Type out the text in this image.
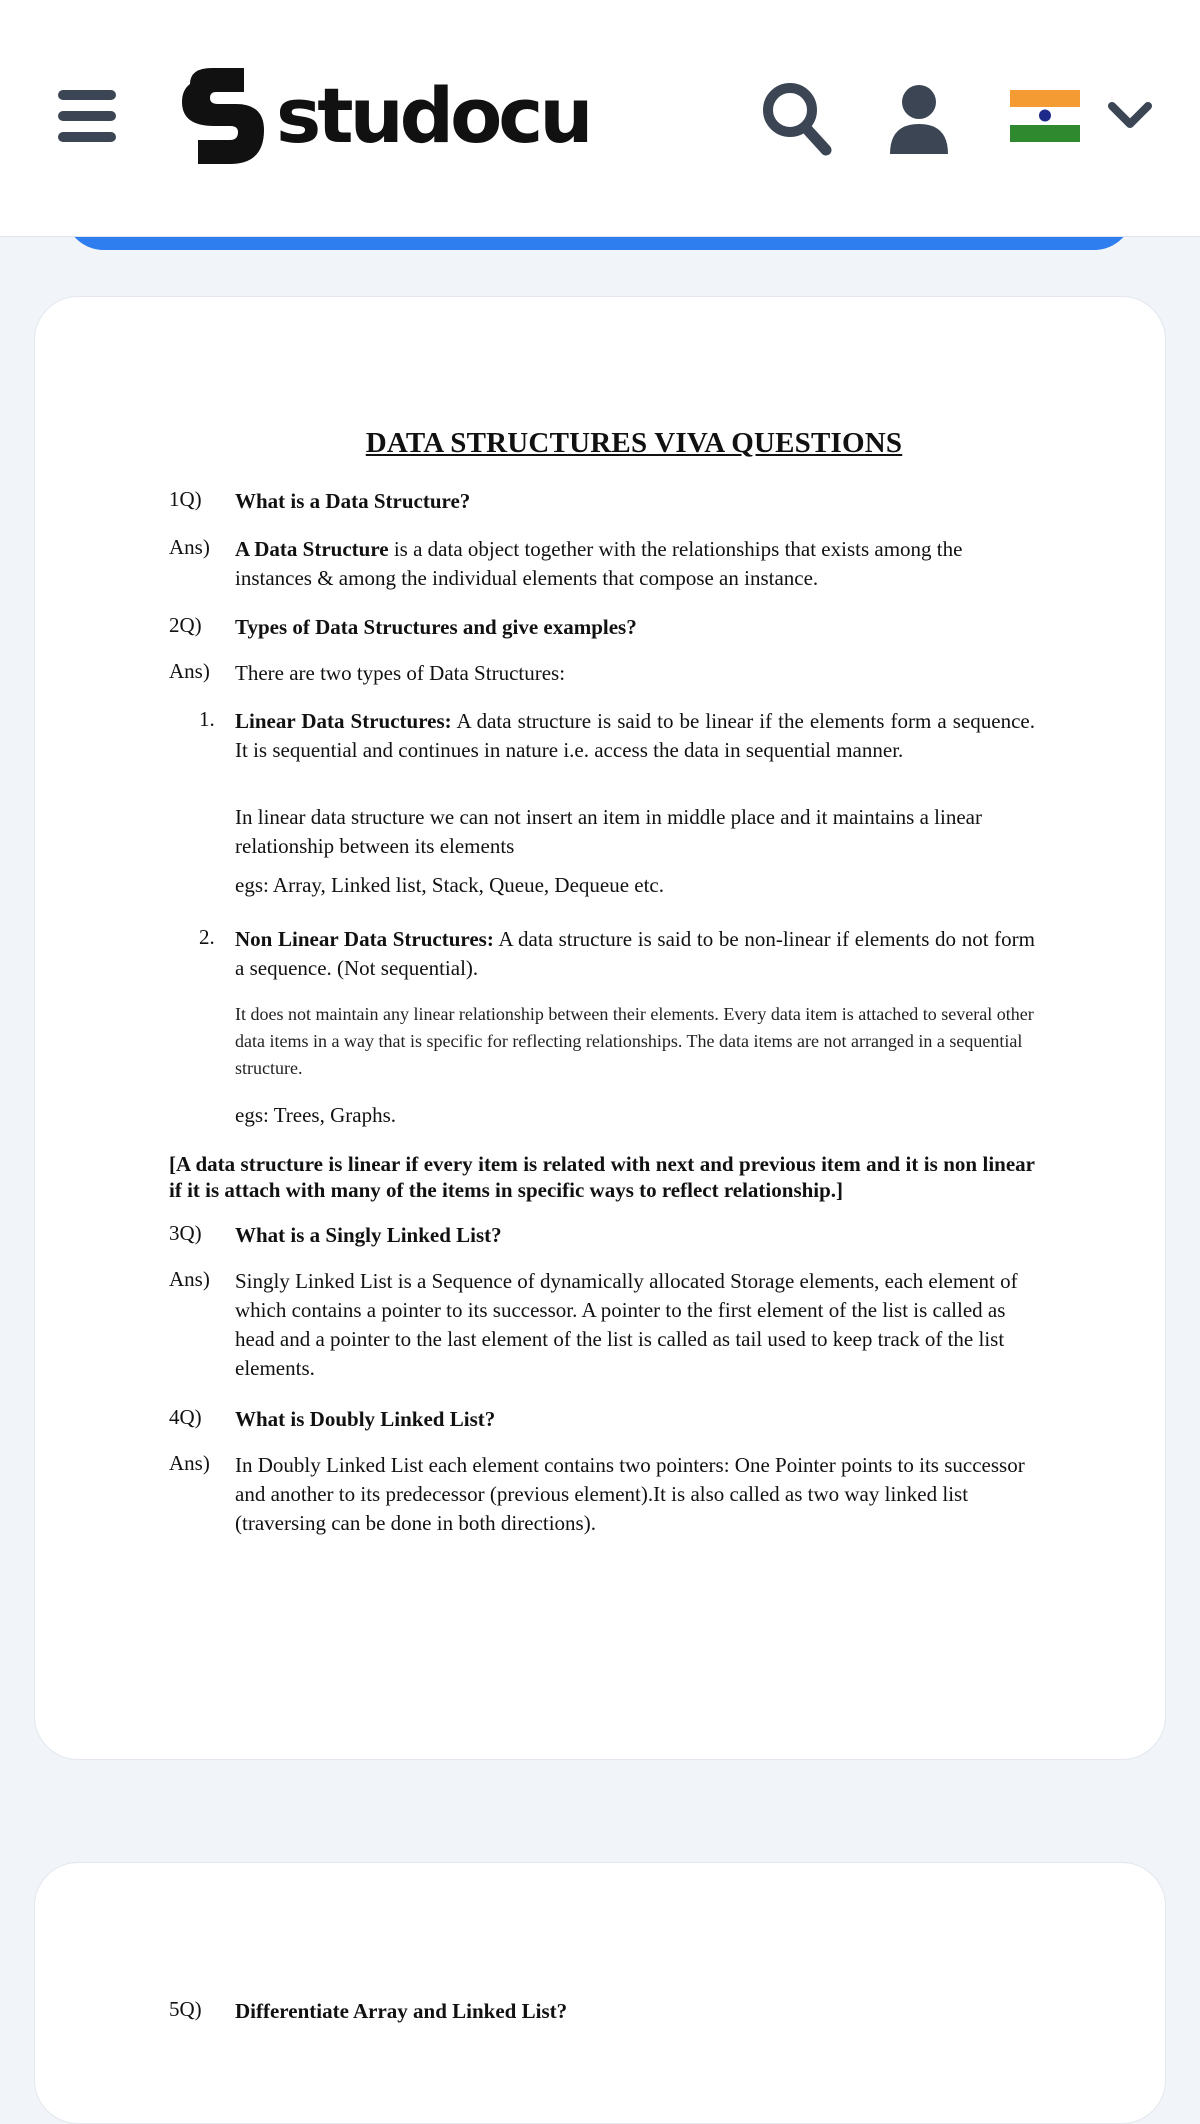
studocu
DATA STRUCTURES VIVA QUESTIONS
1Q)	What is a Data Structure?
Ans)	A Data Structure is a data object together with the relationships that exists among the instances & among the individual elements that compose an instance.
2Q)	Types of Data Structures and give examples?
Ans)	There are two types of Data Structures:
1. Linear Data Structures: A data structure is said to be linear if the elements form a sequence. It is sequential and continues in nature i.e. access the data in sequential manner.
In linear data structure we can not insert an item in middle place and it maintains a linear relationship between its elements
egs: Array, Linked list, Stack, Queue, Dequeue etc.
2. Non Linear Data Structures: A data structure is said to be non-linear if elements do not form a sequence. (Not sequential).
It does not maintain any linear relationship between their elements. Every data item is attached to several other data items in a way that is specific for reflecting relationships. The data items are not arranged in a sequential structure.
egs: Trees, Graphs.
[A data structure is linear if every item is related with next and previous item and it is non linear if it is attach with many of the items in specific ways to reflect relationship.]
3Q)	What is a Singly Linked List?
Ans)	Singly Linked List is a Sequence of dynamically allocated Storage elements, each element of which contains a pointer to its successor. A pointer to the first element of the list is called as head and a pointer to the last element of the list is called as tail used to keep track of the list elements.
4Q)	What is Doubly Linked List?
Ans)	In Doubly Linked List each element contains two pointers: One Pointer points to its successor and another to its predecessor (previous element).It is also called as two way linked list (traversing can be done in both directions).
5Q)	Differentiate Array and Linked List?
